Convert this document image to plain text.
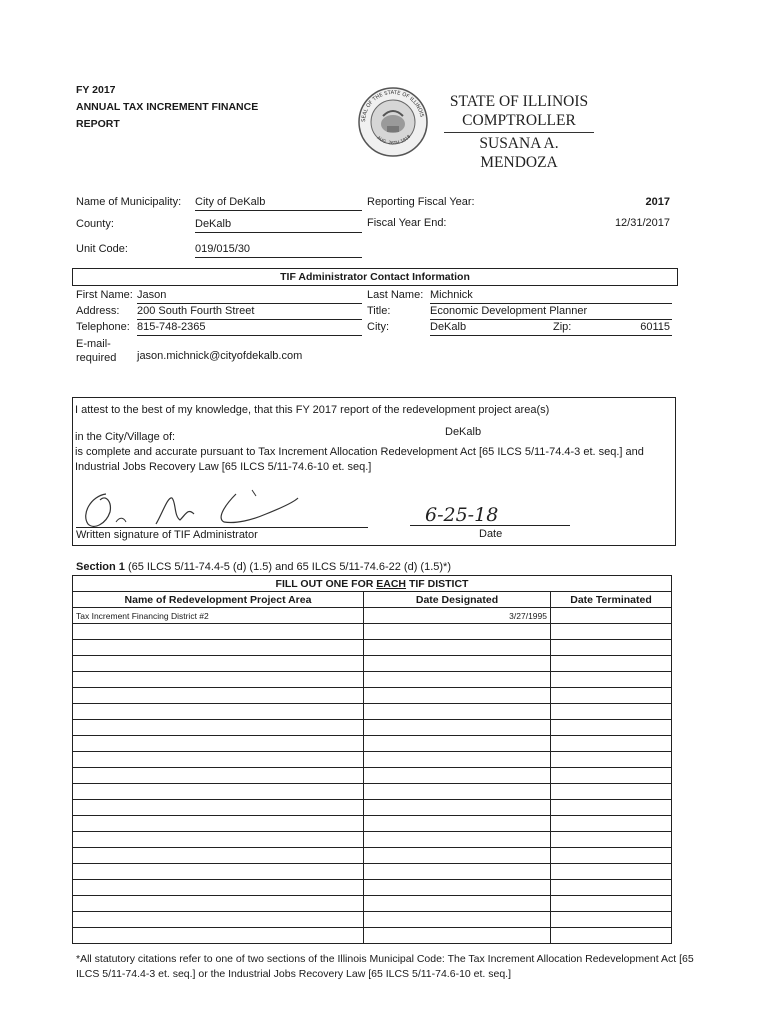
FY 2017
ANNUAL TAX INCREMENT FINANCE
REPORT	SEAL OF THE STATE OF ILLINOIS
AUG. 26TH 1818
STATE OF ILLINOIS
COMPTROLLER
SUSANA A. MENDOZA
Name of Municipality: City of DeKalb
County:	DeKalb
Unit Code:	019/015/30
Reporting Fiscal Year:	2017
Fiscal Year End:	12/31/2017
TIF Administrator Contact Information
First Name: Jason	Last Name: Michnick
Address: 200 South Fourth Street	Title:	Economic Development Planner
Telephone: 815-748-2365	City:	DeKalb	Zip:	60115
E-mail-
required jason.michnick@cityofdekalb.com
I attest to the best of my knowledge, that this FY 2017 report of the redevelopment project area(s)
in the City/Village of:	DeKalb
is complete and accurate pursuant to Tax Increment Allocation Redevelopment Act [65 ILCS 5/11-74.4-3 et. seq.] and
Industrial Jobs Recovery Law [65 ILCS 5/11-74.6-10 et. seq.]
Written signature of TIF Administrator
6-25-18
Date
Section 1 (65 ILCS 5/11-74.4-5 (d) (1.5) and 65 ILCS 5/11-74.6-22 (d) (1.5)*)
FILL OUT ONE FOR EACH TIF DISTICT		
Name of Redevelopment Project Area	Date Designated	Date Terminated
Tax Increment Financing District #2	3/27/1995	

*All statutory citations refer to one of two sections of the Illinois Municipal Code: The Tax Increment Allocation Redevelopment Act [65 ILCS 5/11-74.4-3 et. seq.] or the Industrial Jobs Recovery Law [65 ILCS 5/11-74.6-10 et. seq.]
